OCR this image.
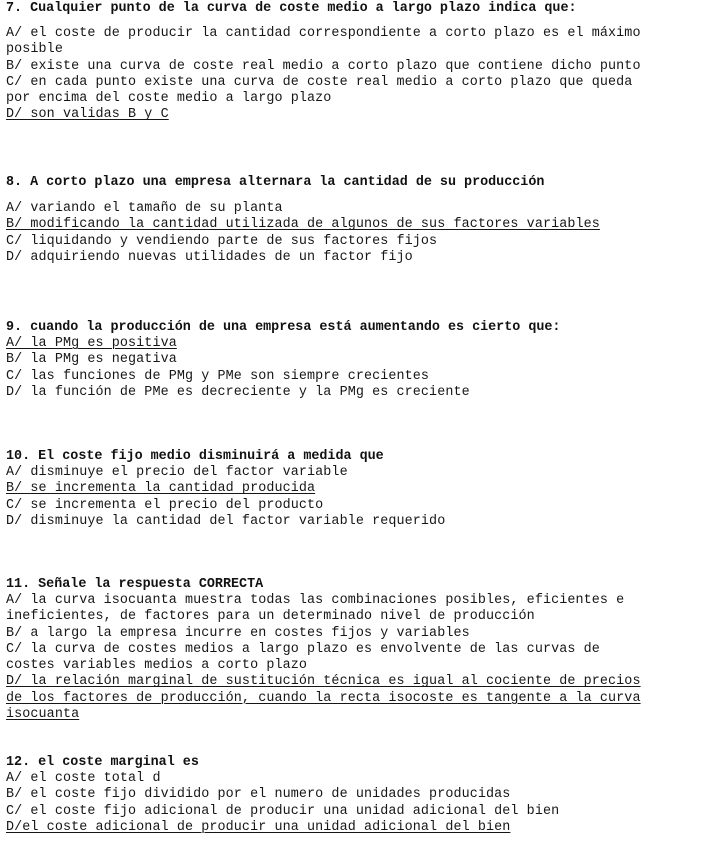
7. Cualquier punto de la curva de coste medio a largo plazo indica que:
A/ el coste de producir la cantidad correspondiente a corto plazo es el máximo
posible
B/ existe una curva de coste real medio a corto plazo que contiene dicho punto
C/ en cada punto existe una curva de coste real medio a corto plazo que queda
por encima del coste medio a largo plazo
D/ son validas B y C
8. A corto plazo una empresa alternara la cantidad de su producción
A/ variando el tamaño de su planta
B/ modificando la cantidad utilizada de algunos de sus factores variables
C/ liquidando y vendiendo parte de sus factores fijos
D/ adquiriendo nuevas utilidades de un factor fijo
9. cuando la producción de una empresa está aumentando es cierto que:
A/ la PMg es positiva
B/ la PMg es negativa
C/ las funciones de PMg y PMe son siempre crecientes
D/ la función de PMe es decreciente y la PMg es creciente
10. El coste fijo medio disminuirá a medida que
A/ disminuye el precio del factor variable
B/ se incrementa la cantidad producida
C/ se incrementa el precio del producto
D/ disminuye la cantidad del factor variable requerido
11. Señale la respuesta CORRECTA
A/ la curva isocuanta muestra todas las combinaciones posibles, eficientes e
ineficientes, de factores para un determinado nivel de producción
B/ a largo la empresa incurre en costes fijos y variables
C/ la curva de costes medios a largo plazo es envolvente de las curvas de
costes variables medios a corto plazo
D/ la relación marginal de sustitución técnica es igual al cociente de precios
de los factores de producción, cuando la recta isocoste es tangente a la curva
isocuanta
12. el coste marginal es
A/ el coste total d
B/ el coste fijo dividido por el numero de unidades producidas
C/ el coste fijo adicional de producir una unidad adicional del bien
D/el coste adicional de producir una unidad adicional del bien
